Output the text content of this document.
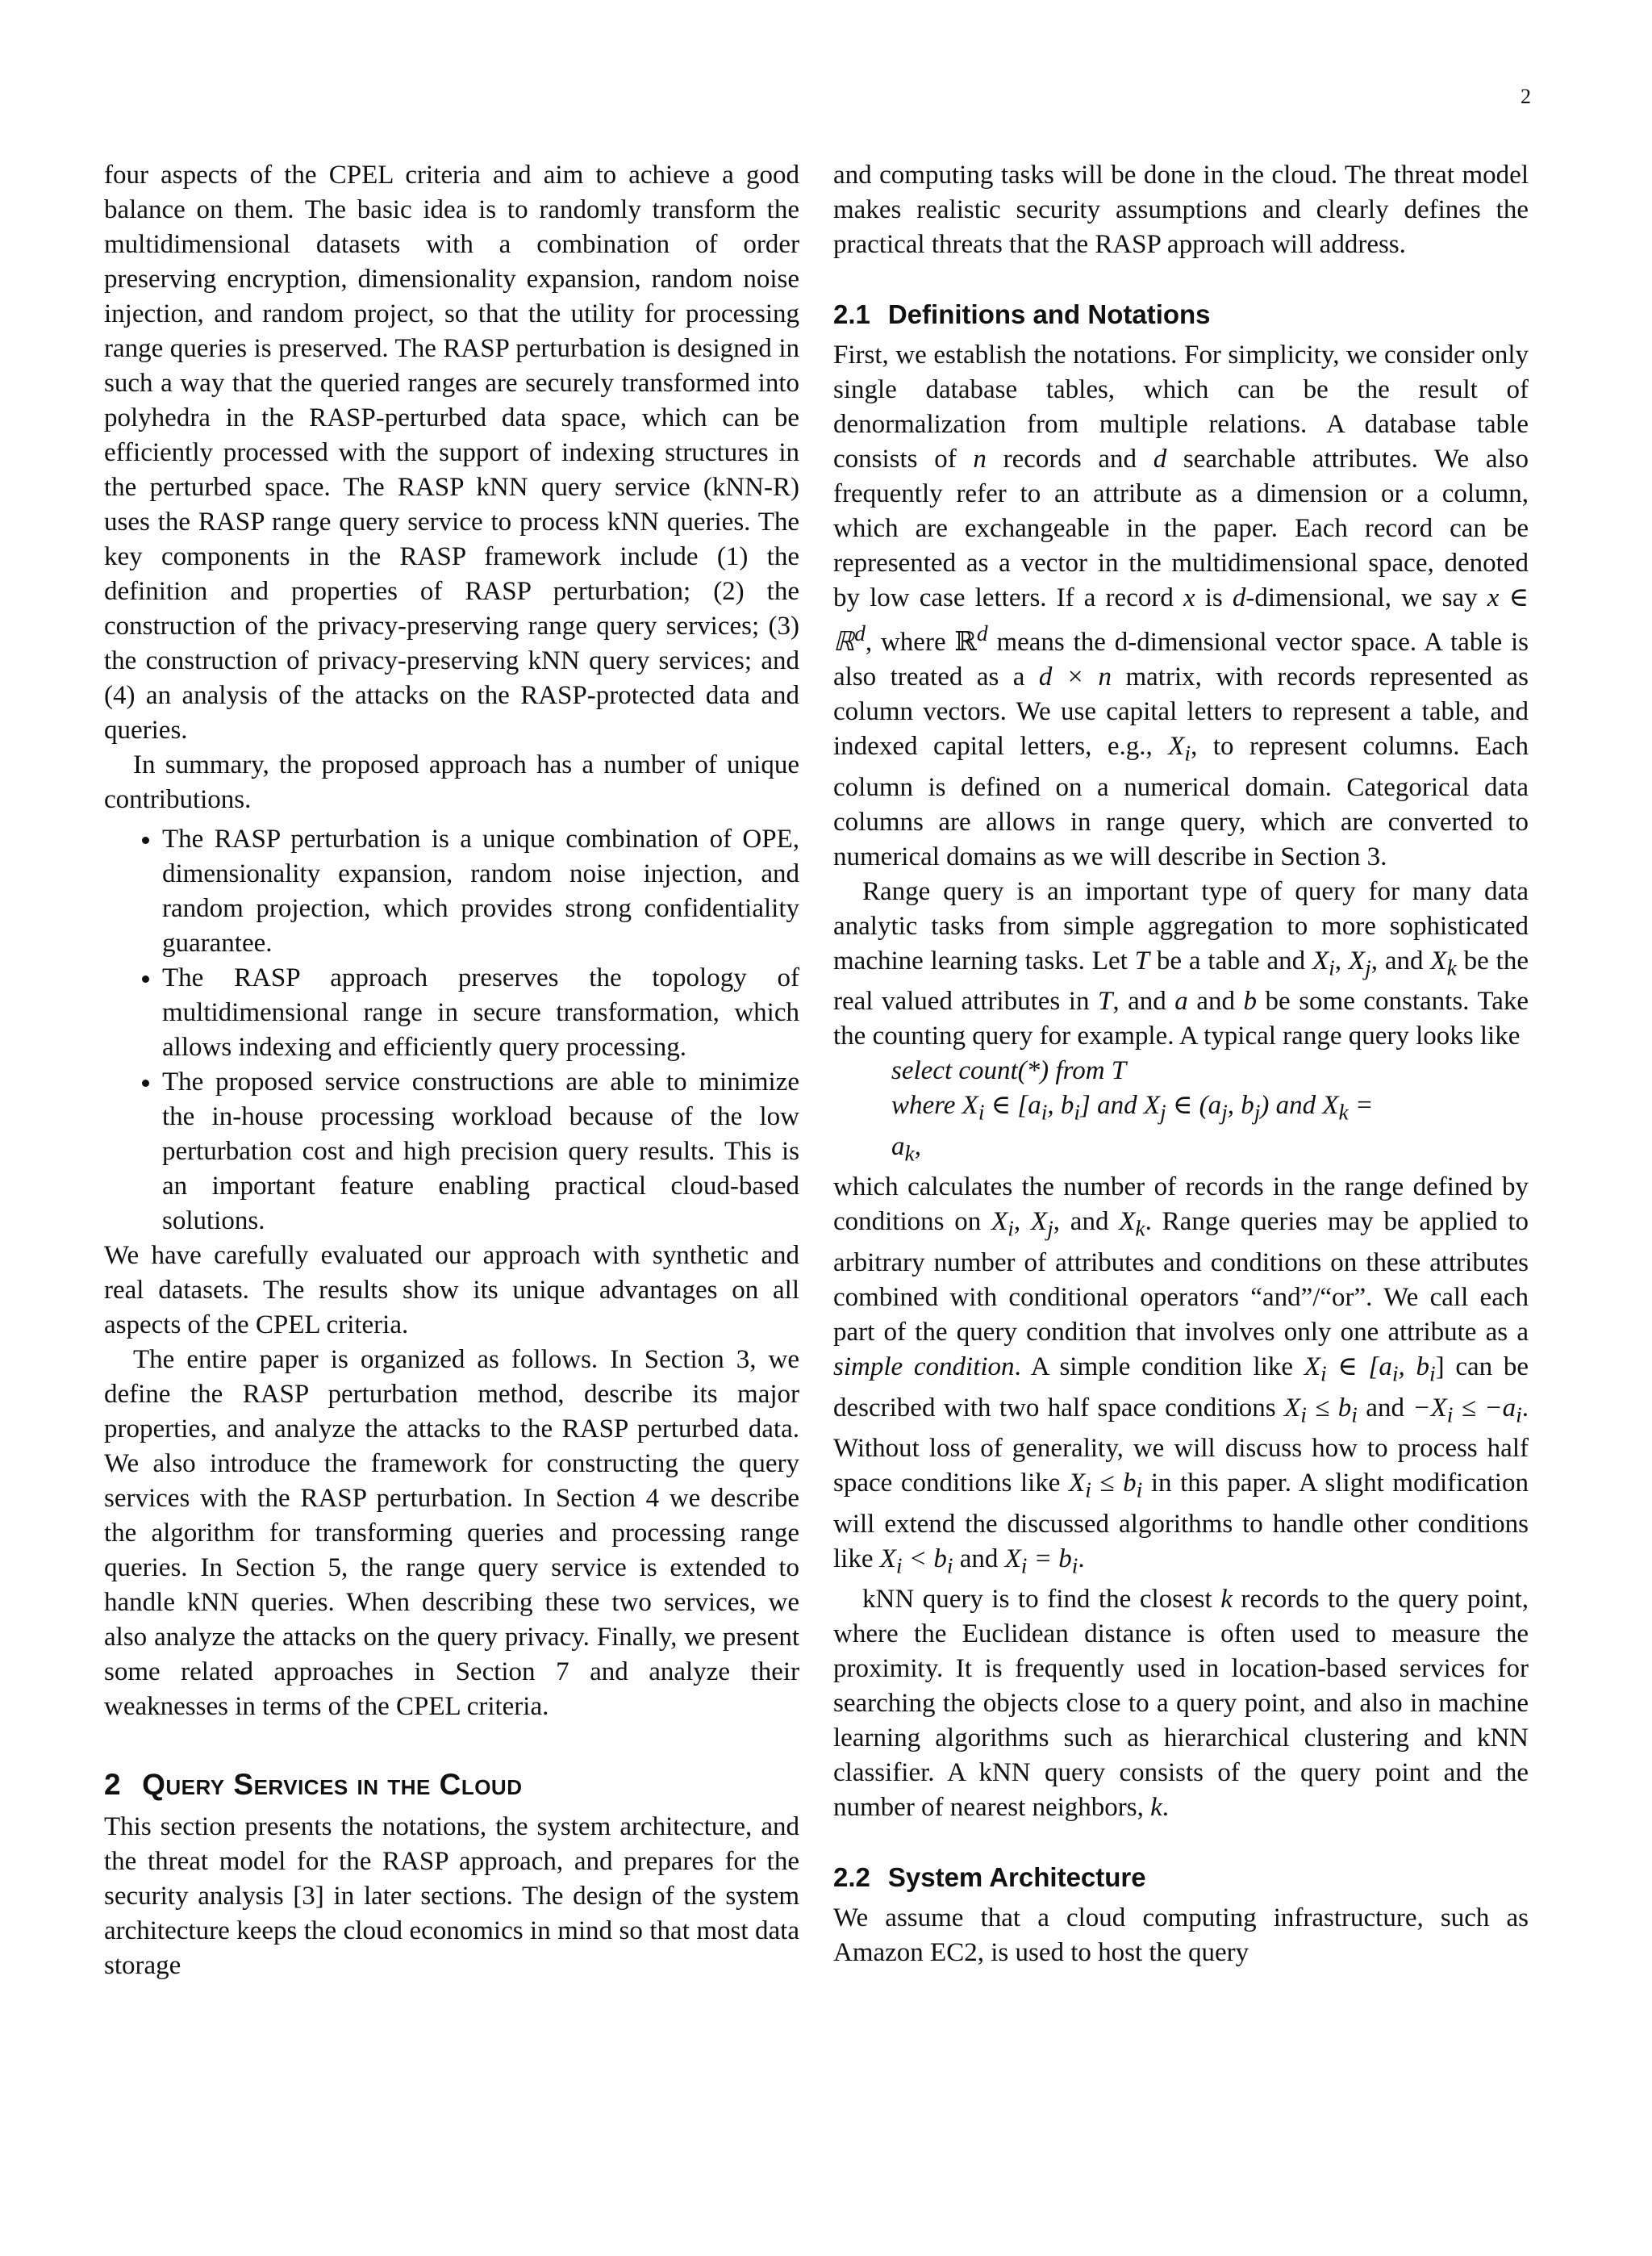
2

four aspects of the CPEL criteria and aim to achieve a good balance on them. The basic idea is to randomly transform the multidimensional datasets with a combination of order preserving encryption, dimensionality expansion, random noise injection, and random project, so that the utility for processing range queries is preserved. The RASP perturbation is designed in such a way that the queried ranges are securely transformed into polyhedra in the RASP-perturbed data space, which can be efficiently processed with the support of indexing structures in the perturbed space. The RASP kNN query service (kNN-R) uses the RASP range query service to process kNN queries. The key components in the RASP framework include (1) the definition and properties of RASP perturbation; (2) the construction of the privacy-preserving range query services; (3) the construction of privacy-preserving kNN query services; and (4) an analysis of the attacks on the RASP-protected data and queries.

In summary, the proposed approach has a number of unique contributions.

• The RASP perturbation is a unique combination of OPE, dimensionality expansion, random noise injection, and random projection, which provides strong confidentiality guarantee.
• The RASP approach preserves the topology of multidimensional range in secure transformation, which allows indexing and efficiently query processing.
• The proposed service constructions are able to minimize the in-house processing workload because of the low perturbation cost and high precision query results. This is an important feature enabling practical cloud-based solutions.

We have carefully evaluated our approach with synthetic and real datasets. The results show its unique advantages on all aspects of the CPEL criteria.

The entire paper is organized as follows. In Section 3, we define the RASP perturbation method, describe its major properties, and analyze the attacks to the RASP perturbed data. We also introduce the framework for constructing the query services with the RASP perturbation. In Section 4 we describe the algorithm for transforming queries and processing range queries. In Section 5, the range query service is extended to handle kNN queries. When describing these two services, we also analyze the attacks on the query privacy. Finally, we present some related approaches in Section 7 and analyze their weaknesses in terms of the CPEL criteria.

2 Query Services in the Cloud

This section presents the notations, the system architecture, and the threat model for the RASP approach, and prepares for the security analysis [3] in later sections. The design of the system architecture keeps the cloud economics in mind so that most data storage

and computing tasks will be done in the cloud. The threat model makes realistic security assumptions and clearly defines the practical threats that the RASP approach will address.

2.1 Definitions and Notations

First, we establish the notations. For simplicity, we consider only single database tables, which can be the result of denormalization from multiple relations. A database table consists of n records and d searchable attributes. We also frequently refer to an attribute as a dimension or a column, which are exchangeable in the paper. Each record can be represented as a vector in the multidimensional space, denoted by low case letters. If a record x is d-dimensional, we say x ∈ ℝ$^d$, where ℝ$^d$ means the d-dimensional vector space. A table is also treated as a d × n matrix, with records represented as column vectors. We use capital letters to represent a table, and indexed capital letters, e.g., $X_i$, to represent columns. Each column is defined on a numerical domain. Categorical data columns are allows in range query, which are converted to numerical domains as we will describe in Section 3.

Range query is an important type of query for many data analytic tasks from simple aggregation to more sophisticated machine learning tasks. Let T be a table and $X_i$, $X_j$, and $X_k$ be the real valued attributes in T, and a and b be some constants. Take the counting query for example. A typical range query looks like

select count(*) from T
where $X_i$ ∈ [$a_i$, $b_i$] and $X_j$ ∈ ($a_j$, $b_j$) and $X_k$ =
$a_k$,

which calculates the number of records in the range defined by conditions on $X_i$, $X_j$, and $X_k$. Range queries may be applied to arbitrary number of attributes and conditions on these attributes combined with conditional operators “and”/“or”. We call each part of the query condition that involves only one attribute as a simple condition. A simple condition like $X_i$ ∈ [$a_i$, $b_i$] can be described with two half space conditions $X_i \le b_i$ and $-X_i \le -a_i$. Without loss of generality, we will discuss how to process half space conditions like $X_i \le b_i$ in this paper. A slight modification will extend the discussed algorithms to handle other conditions like $X_i < b_i$ and $X_i = b_i$.

kNN query is to find the closest k records to the query point, where the Euclidean distance is often used to measure the proximity. It is frequently used in location-based services for searching the objects close to a query point, and also in machine learning algorithms such as hierarchical clustering and kNN classifier. A kNN query consists of the query point and the number of nearest neighbors, k.

2.2 System Architecture

We assume that a cloud computing infrastructure, such as Amazon EC2, is used to host the query
